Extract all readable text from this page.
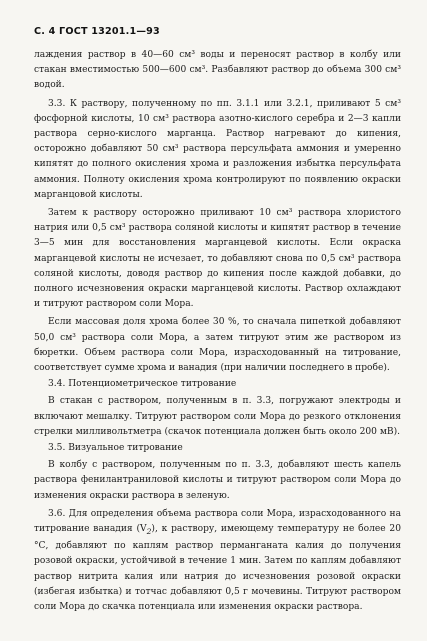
С. 4 ГОСТ 13201.1—93

лаждения раствор в 40—60 см³ воды и переносят раствор в колбу или стакан вместимостью 500—600 см³. Разбавляют раствор до объема 300 см³ водой.

3.3. К раствору, полученному по пп. 3.1.1 или 3.2.1, приливают 5 см³ фосфорной кислоты, 10 см³ раствора азотно-кислого серебра и 2—3 капли раствора серно-кислого марганца. Раствор нагревают до кипения, осторожно добавляют 50 см³ раствора персульфата аммония и умеренно кипятят до полного окисления хрома и разложения избытка персульфата аммония. Полноту окисления хрома контролируют по появлению окраски марганцовой кислоты.

Затем к раствору осторожно приливают 10 см³ раствора хлористого натрия или 0,5 см³ раствора соляной кислоты и кипятят раствор в течение 3—5 мин для восстановления марганцевой кислоты. Если окраска марганцевой кислоты не исчезает, то добавляют снова по 0,5 см³ раствора соляной кислоты, доводя раствор до кипения после каждой добавки, до полного исчезновения окраски марганцевой кислоты. Раствор охлаждают и титруют раствором соли Мора.

Если массовая доля хрома более 30 %, то сначала пипеткой добавляют 50,0 см³ раствора соли Мора, а затем титруют этим же раствором из бюретки. Объем раствора соли Мора, израсходованный на титрование, соответствует сумме хрома и ванадия (при наличии последнего в пробе).

3.4. Потенциометрическое титрование

В стакан с раствором, полученным в п. 3.3, погружают электроды и включают мешалку. Титруют раствором соли Мора до резкого отклонения стрелки милливольтметра (скачок потенциала должен быть около 200 мВ).

3.5. Визуальное титрование

В колбу с раствором, полученным по п. 3.3, добавляют шесть капель раствора фенилантраниловой кислоты и титруют раствором соли Мора до изменения окраски раствора в зеленую.

3.6. Для определения объема раствора соли Мора, израсходованного на титрование ванадия $(V_2)$, к раствору, имеющему температуру не более 20 °С, добавляют по каплям раствор перманганата калия до получения розовой окраски, устойчивой в течение 1 мин. Затем по каплям добавляют раствор нитрита калия или натрия до исчезновения розовой окраски (избегая избытка) и тотчас добавляют 0,5 г мочевины. Титруют раствором соли Мора до скачка потенциала или изменения окраски раствора.
